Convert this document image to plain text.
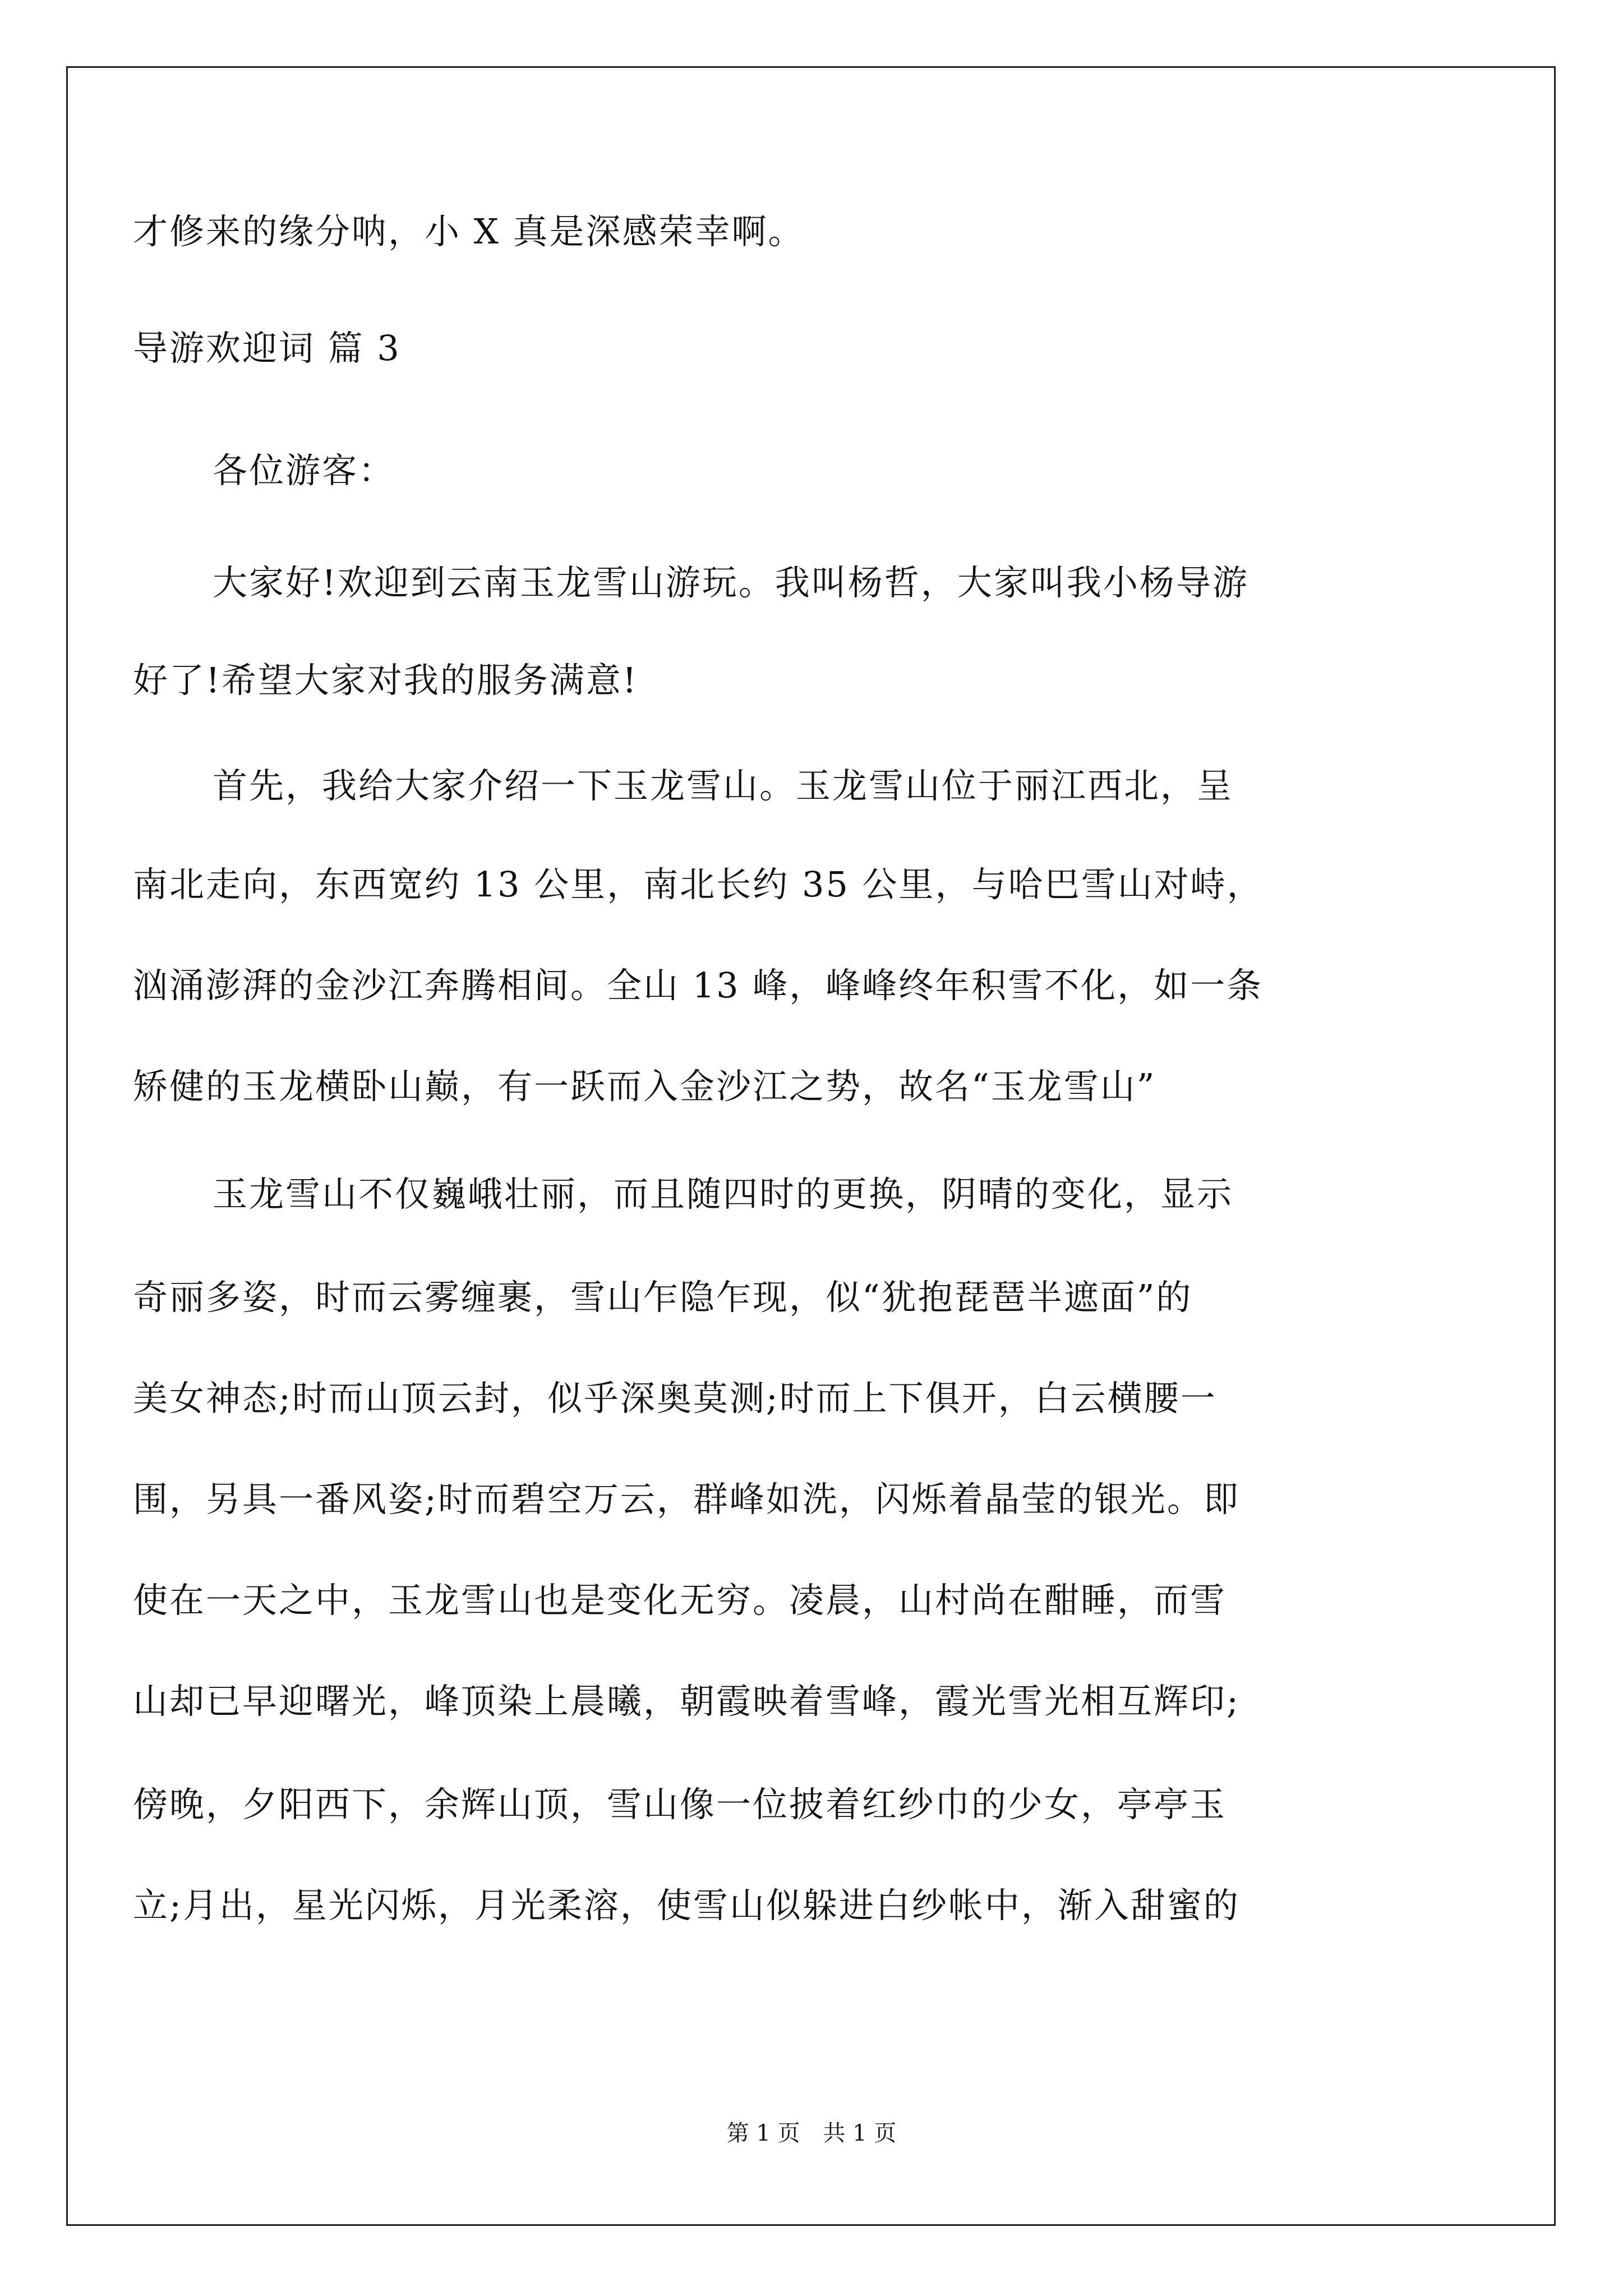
才修来的缘分呐，小 X 真是深感荣幸啊。
导游欢迎词 篇 3
各位游客：
大家好!欢迎到云南玉龙雪山游玩。我叫杨哲，大家叫我小杨导游
好了!希望大家对我的服务满意!
首先，我给大家介绍一下玉龙雪山。玉龙雪山位于丽江西北，呈
南北走向，东西宽约 13 公里，南北长约 35 公里，与哈巴雪山对峙，
汹涌澎湃的金沙江奔腾相间。全山 13 峰，峰峰终年积雪不化，如一条
矫健的玉龙横卧山巅，有一跃而入金沙江之势，故名“玉龙雪山”
玉龙雪山不仅巍峨壮丽，而且随四时的更换，阴晴的变化，显示
奇丽多姿，时而云雾缠裹，雪山乍隐乍现，似“犹抱琵琶半遮面”的
美女神态;时而山顶云封，似乎深奥莫测;时而上下俱开，白云横腰一
围，另具一番风姿;时而碧空万云，群峰如洗，闪烁着晶莹的银光。即
使在一天之中，玉龙雪山也是变化无穷。凌晨，山村尚在酣睡，而雪
山却已早迎曙光，峰顶染上晨曦，朝霞映着雪峰，霞光雪光相互辉印;
傍晚，夕阳西下，余辉山顶，雪山像一位披着红纱巾的少女，亭亭玉
立;月出，星光闪烁，月光柔溶，使雪山似躲进白纱帐中，渐入甜蜜的
第 1 页 共 1 页
